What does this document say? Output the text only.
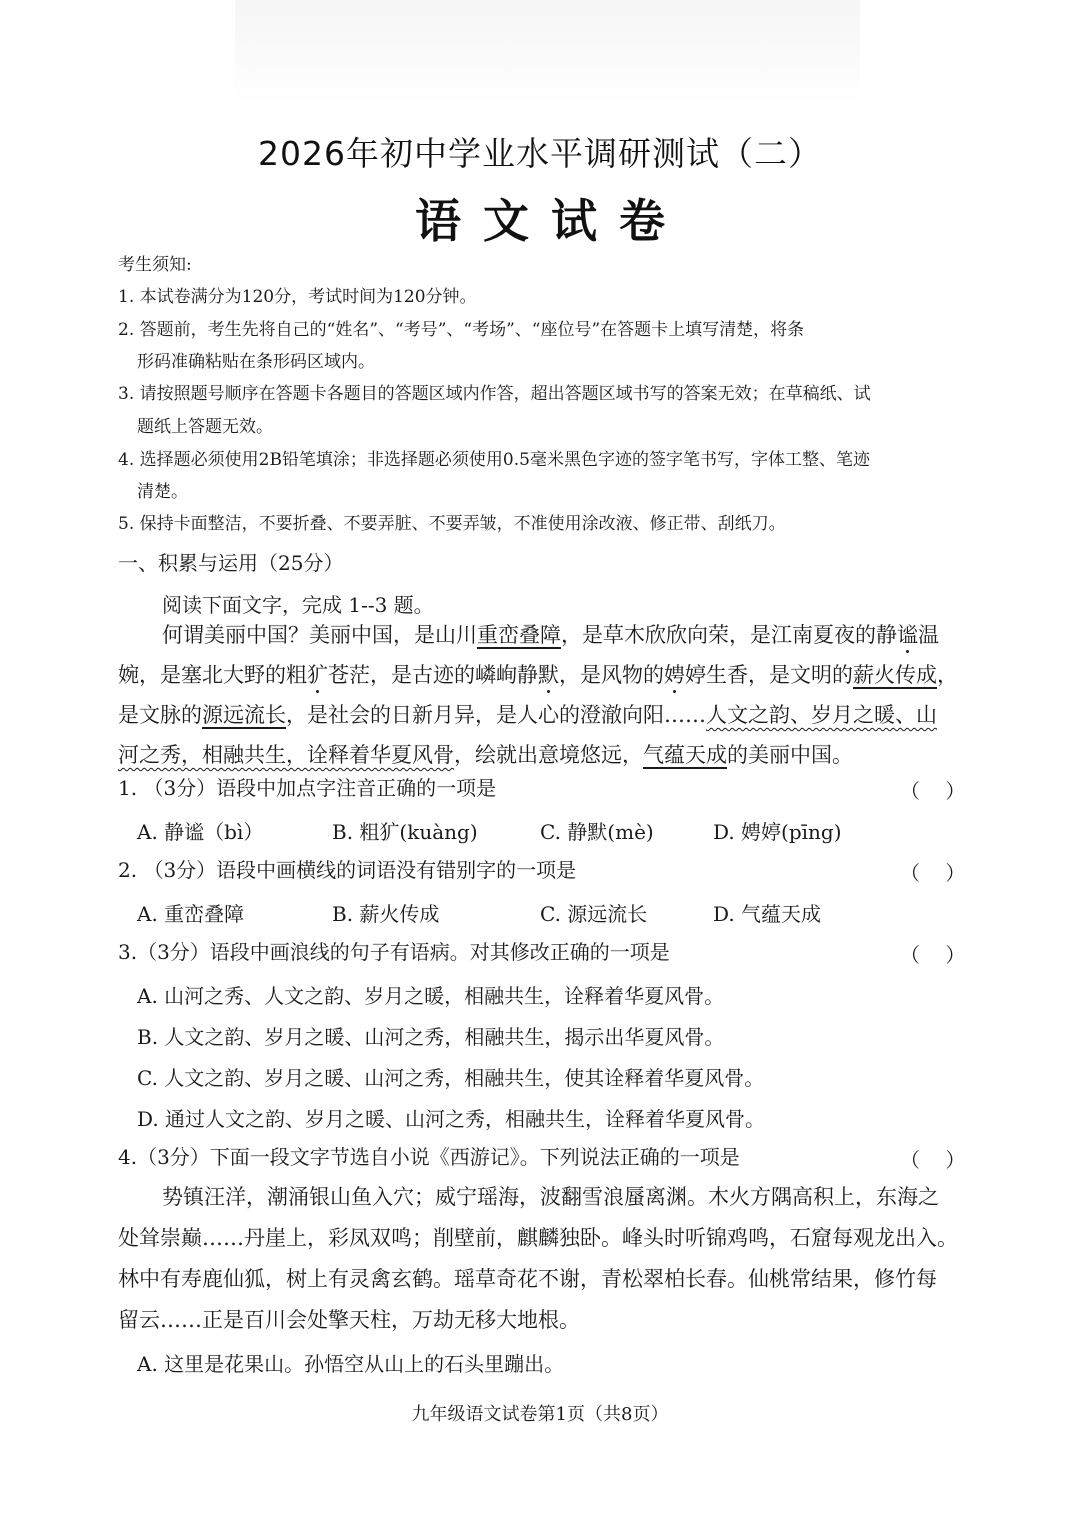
2026年初中学业水平调研测试（二）
语文试卷
考生须知:
1. 本试卷满分为120分，考试时间为120分钟。
2. 答题前，考生先将自己的“姓名”、“考号”、“考场”、“座位号”在答题卡上填写清楚，将条
形码准确粘贴在条形码区域内。
3. 请按照题号顺序在答题卡各题目的答题区域内作答，超出答题区域书写的答案无效；在草稿纸、试
题纸上答题无效。
4. 选择题必须使用2B铅笔填涂；非选择题必须使用0.5毫米黑色字迹的签字笔书写，字体工整、笔迹
清楚。
5. 保持卡面整洁，不要折叠、不要弄脏、不要弄皱，不准使用涂改液、修正带、刮纸刀。
一、积累与运用（25分）
阅读下面文字，完成 1--3 题。
何谓美丽中国？美丽中国，是山川重峦叠障，是草木欣欣向荣，是江南夏夜的静谧温
婉，是塞北大野的粗犷苍茫，是古迹的嶙峋静默，是风物的娉婷生香，是文明的薪火传成，
是文脉的源远流长，是社会的日新月异，是人心的澄澈向阳……人文之韵、岁月之暖、山
河之秀，相融共生，诠释着华夏风骨，绘就出意境悠远，气蕴天成的美丽中国。
1. （3分）语段中加点字注音正确的一项是	（    ）
A. 静谧（bì）	B. 粗犷(kuàng)	C. 静默(mè)	D. 娉婷(pīng)
2. （3分）语段中画横线的词语没有错别字的一项是	（    ）
A. 重峦叠障	B. 薪火传成	C. 源远流长	D. 气蕴天成
3.（3分）语段中画浪线的句子有语病。对其修改正确的一项是	（    ）
A. 山河之秀、人文之韵、岁月之暖，相融共生，诠释着华夏风骨。
B. 人文之韵、岁月之暖、山河之秀，相融共生，揭示出华夏风骨。
C. 人文之韵、岁月之暖、山河之秀，相融共生，使其诠释着华夏风骨。
D. 通过人文之韵、岁月之暖、山河之秀，相融共生，诠释着华夏风骨。
4.（3分）下面一段文字节选自小说《西游记》。下列说法正确的一项是	（    ）
势镇汪洋，潮涌银山鱼入穴；威宁瑶海，波翻雪浪蜃离渊。木火方隅高积上，东海之
处耸崇巅……丹崖上，彩凤双鸣；削壁前，麒麟独卧。峰头时听锦鸡鸣，石窟每观龙出入。
林中有寿鹿仙狐，树上有灵禽玄鹤。瑶草奇花不谢，青松翠柏长春。仙桃常结果，修竹每
留云……正是百川会处擎天柱，万劫无移大地根。
A. 这里是花果山。孙悟空从山上的石头里蹦出。
九年级语文试卷第1页（共8页）
